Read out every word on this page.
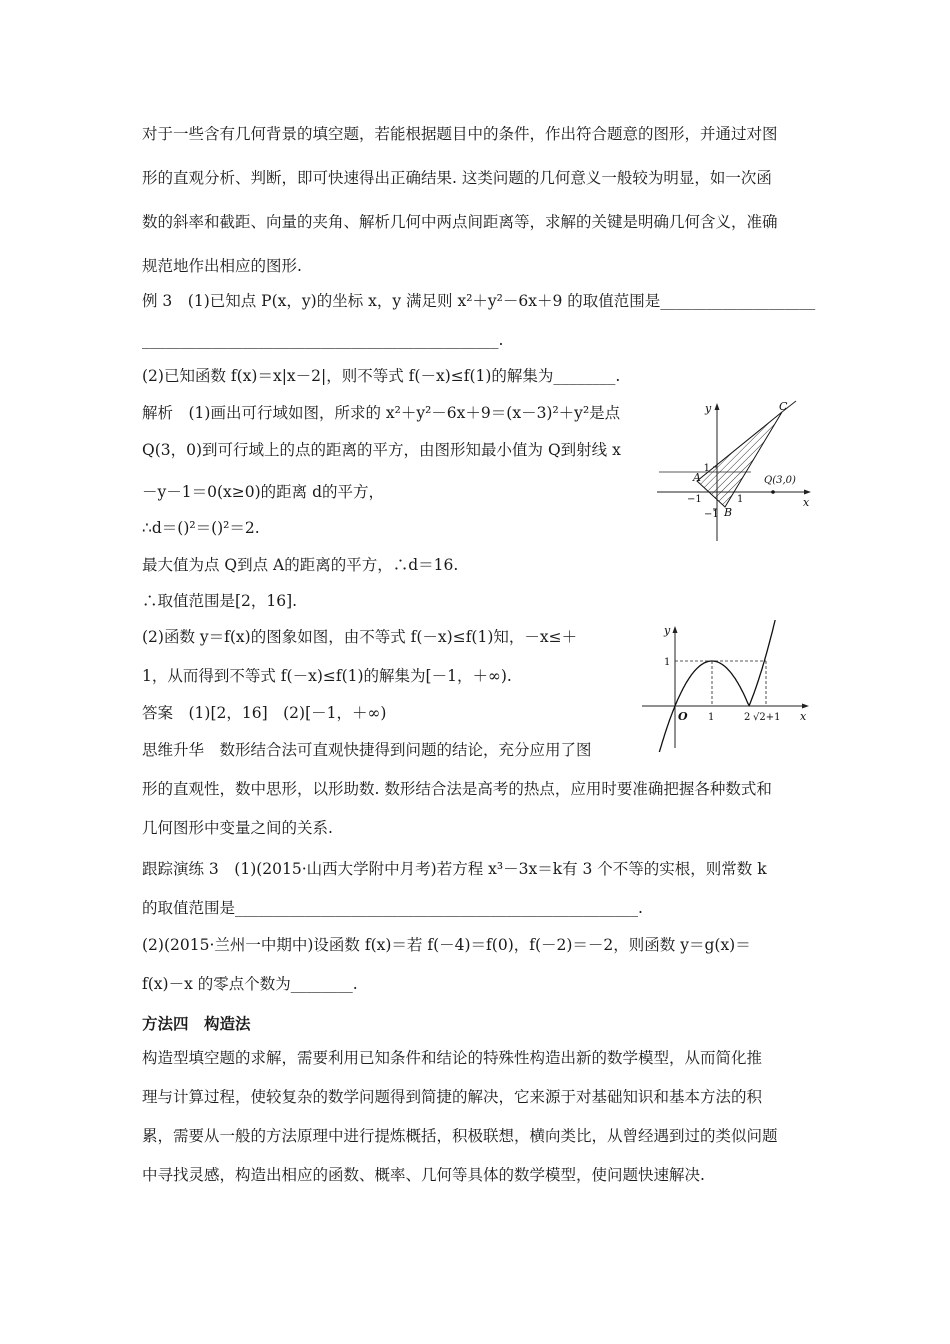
对于一些含有几何背景的填空题，若能根据题目中的条件，作出符合题意的图形，并通过对图
形的直观分析、判断，即可快速得出正确结果. 这类问题的几何意义一般较为明显，如一次函
数的斜率和截距、向量的夹角、解析几何中两点间距离等，求解的关键是明确几何含义，准确
规范地作出相应的图形.
例 3　(1)已知点 P(x，y)的坐标 x，y 满足则 x²＋y²－6x＋9 的取值范围是____________________
______________________________________________.
(2)已知函数 f(x)＝x|x－2|，则不等式 f(－x)≤f(1)的解集为________.
解析　(1)画出可行域如图，所求的 x²＋y²－6x＋9＝(x－3)²＋y²是点
Q(3，0)到可行域上的点的距离的平方，由图形知最小值为 Q到射线 x
－y－1＝0(x≥0)的距离 d的平方，
∴d＝()²＝()²＝2.
最大值为点 Q到点 A的距离的平方，∴d＝16.
∴取值范围是[2，16].
(2)函数 y＝f(x)的图象如图，由不等式 f(－x)≤f(1)知，－x≤＋
1，从而得到不等式 f(－x)≤f(1)的解集为[－1，＋∞).
答案　(1)[2，16]　(2)[－1，＋∞)
思维升华　数形结合法可直观快捷得到问题的结论，充分应用了图
形的直观性，数中思形，以形助数. 数形结合法是高考的热点，应用时要准确把握各种数式和
几何图形中变量之间的关系.
跟踪演练 3　(1)(2015·山西大学附中月考)若方程 x³－3x＝k有 3 个不等的实根，则常数 k
的取值范围是____________________________________________________.
(2)(2015·兰州一中期中)设函数 f(x)＝若 f(－4)＝f(0)，f(－2)＝－2，则函数 y＝g(x)＝
f(x)－x 的零点个数为________.
方法四　构造法
构造型填空题的求解，需要利用已知条件和结论的特殊性构造出新的数学模型，从而简化推
理与计算过程，使较复杂的数学问题得到简捷的解决，它来源于对基础知识和基本方法的积
累，需要从一般的方法原理中进行提炼概括，积极联想，横向类比，从曾经遇到过的类似问题
中寻找灵感，构造出相应的函数、概率、几何等具体的数学模型，使问题快速解决.
y
x
C
A
B
1
−1
−1
1
Q(3,0)
y
x
O
1
1	2 √2+1
